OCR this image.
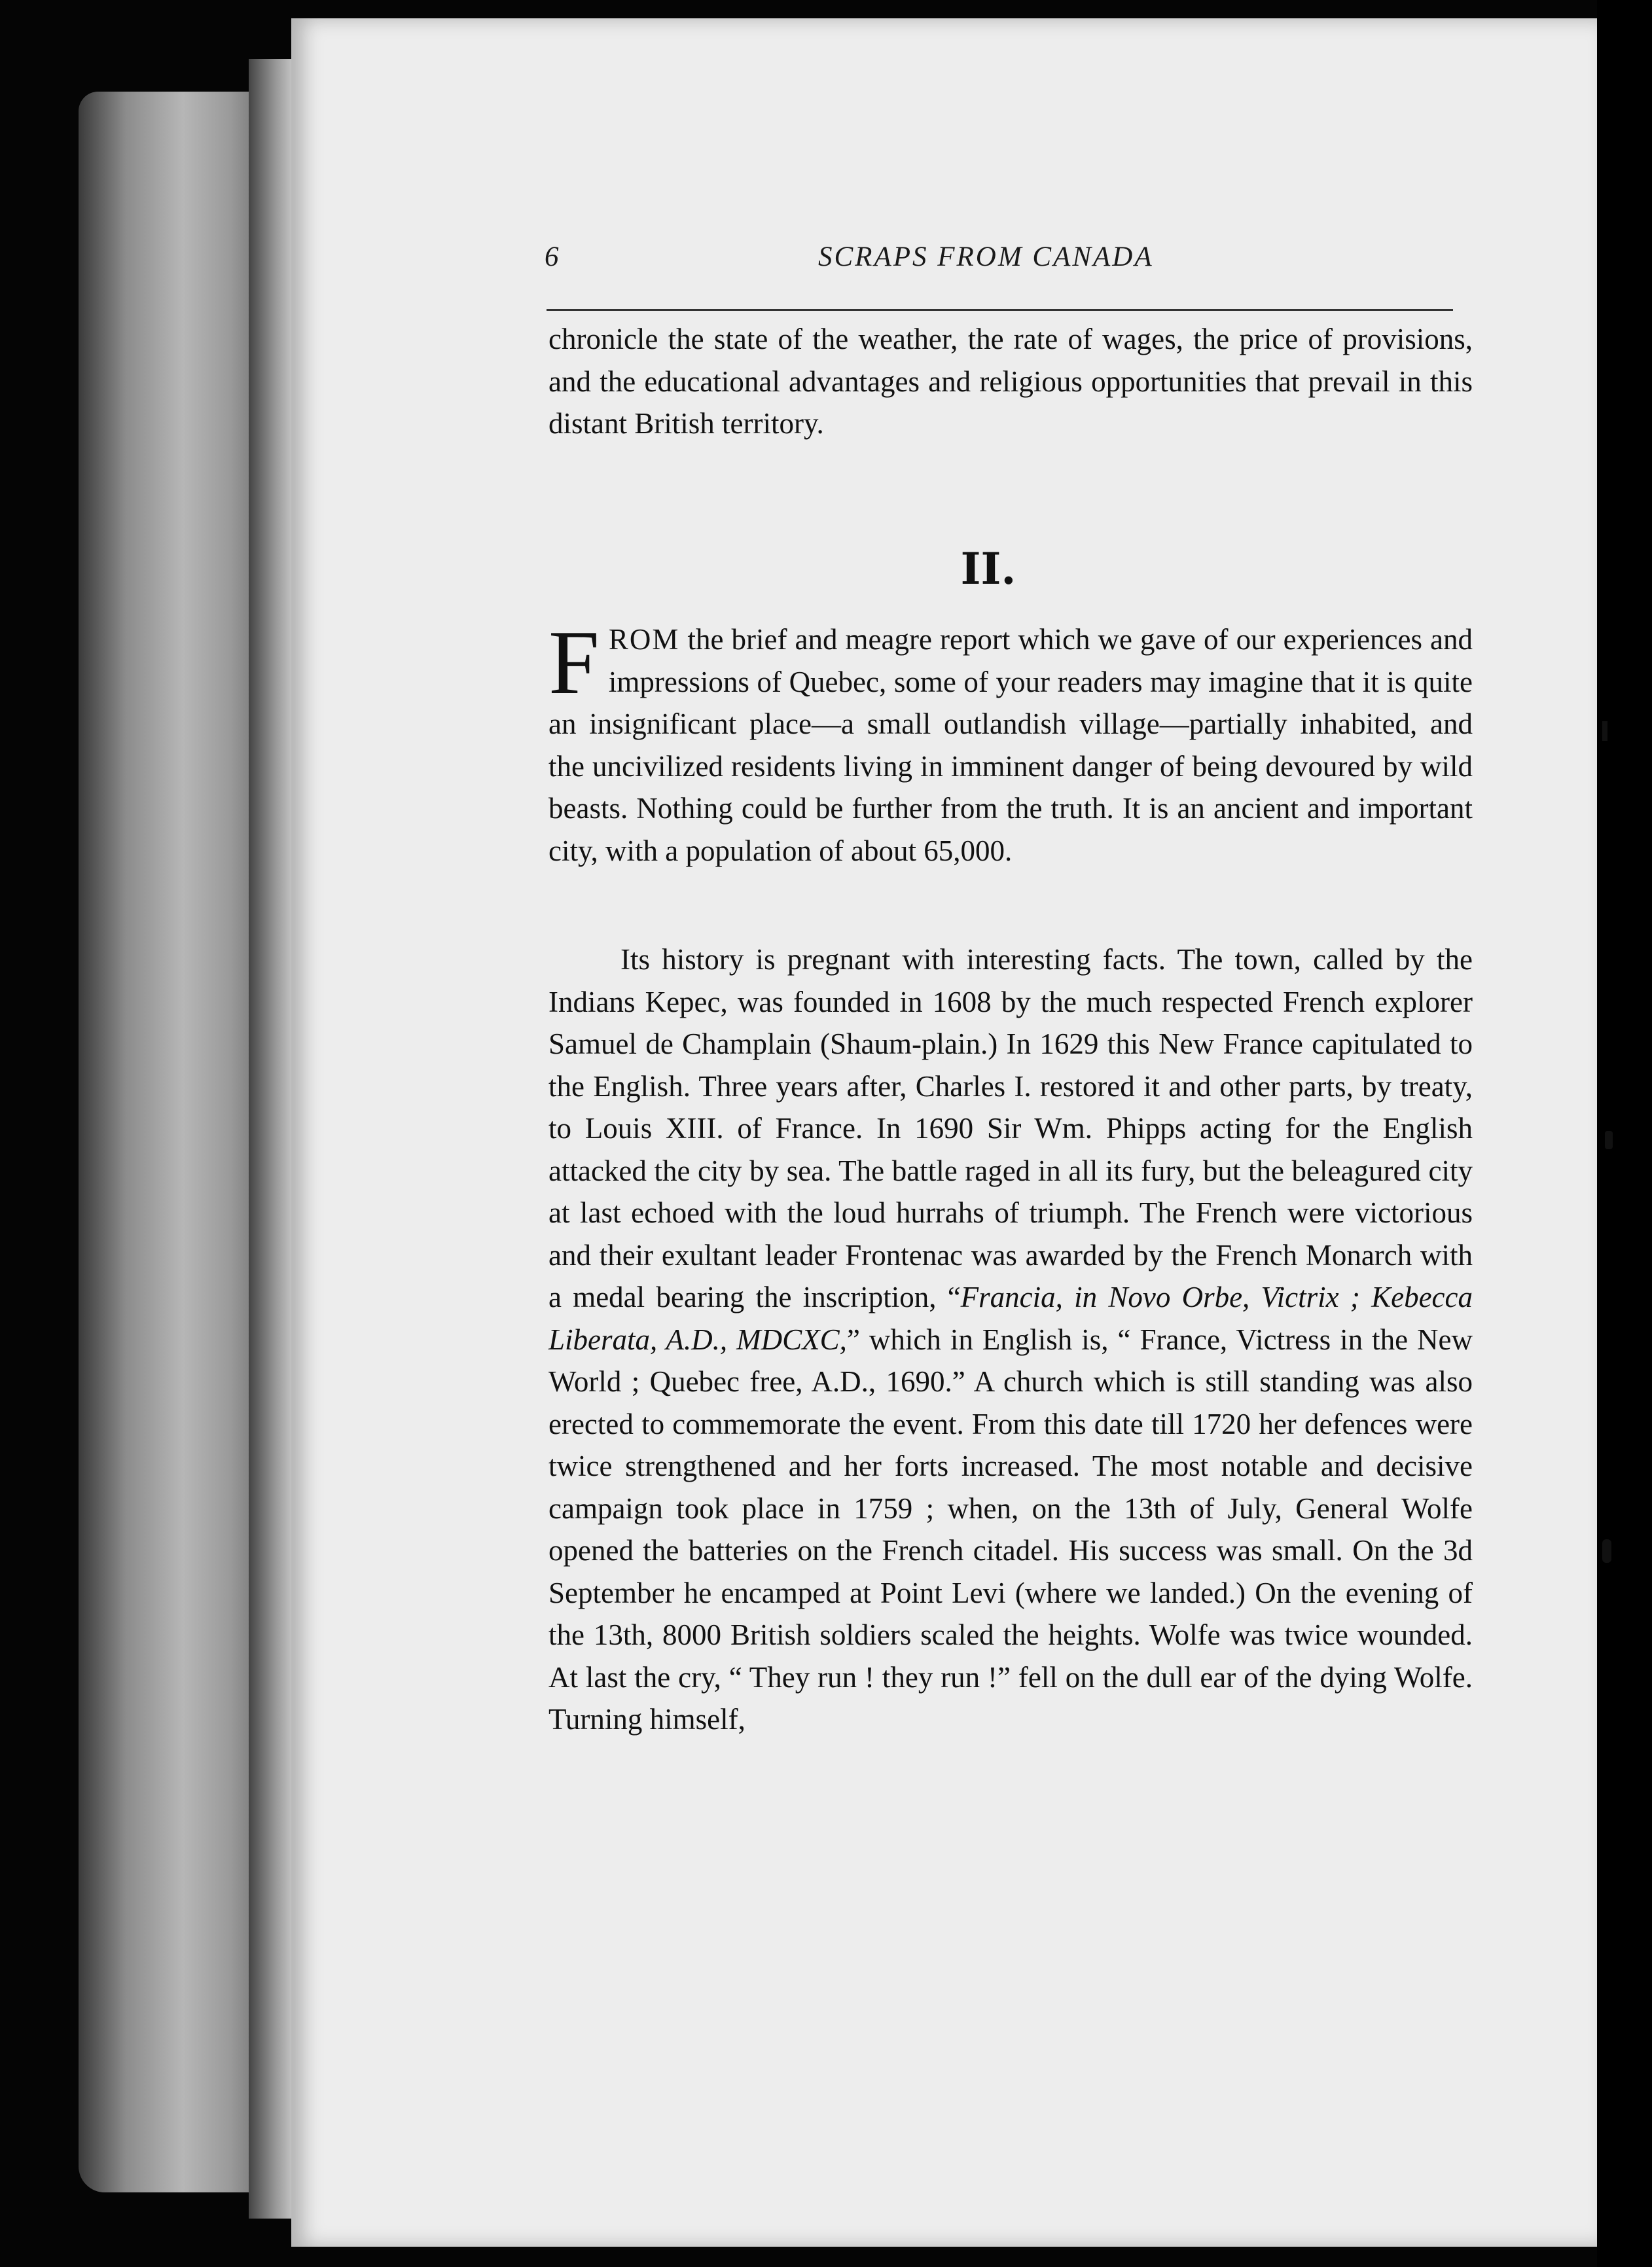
6	SCRAPS FROM CANADA

chronicle the state of the weather, the rate of wages, the price of provisions, and the educational advantages and religious opportunities that prevail in this distant British territory.

II.

FROM the brief and meagre report which we gave of our experiences and impressions of Quebec, some of your readers may imagine that it is quite an insignificant place—a small outlandish village—partially inhabited, and the uncivilized residents living in imminent danger of being devoured by wild beasts. Nothing could be further from the truth. It is an ancient and important city, with a population of about 65,000.

Its history is pregnant with interesting facts. The town, called by the Indians Kepec, was founded in 1608 by the much respected French explorer Samuel de Champlain (Shaum-plain.) In 1629 this New France capitulated to the English. Three years after, Charles I. restored it and other parts, by treaty, to Louis XIII. of France. In 1690 Sir Wm. Phipps acting for the English attacked the city by sea. The battle raged in all its fury, but the beleagured city at last echoed with the loud hurrahs of triumph. The French were victorious and their exultant leader Frontenac was awarded by the French Monarch with a medal bearing the inscription, “Francia, in Novo Orbe, Victrix ; Kebecca Liberata, A.D., MDCXC,” which in English is, “ France, Victress in the New World ; Quebec free, A.D., 1690.” A church which is still standing was also erected to commemorate the event. From this date till 1720 her defences were twice strengthened and her forts increased. The most notable and decisive campaign took place in 1759 ; when, on the 13th of July, General Wolfe opened the batteries on the French citadel. His success was small. On the 3d September he encamped at Point Levi (where we landed.) On the evening of the 13th, 8000 British soldiers scaled the heights. Wolfe was twice wounded. At last the cry, “ They run ! they run !” fell on the dull ear of the dying Wolfe. Turning himself,
